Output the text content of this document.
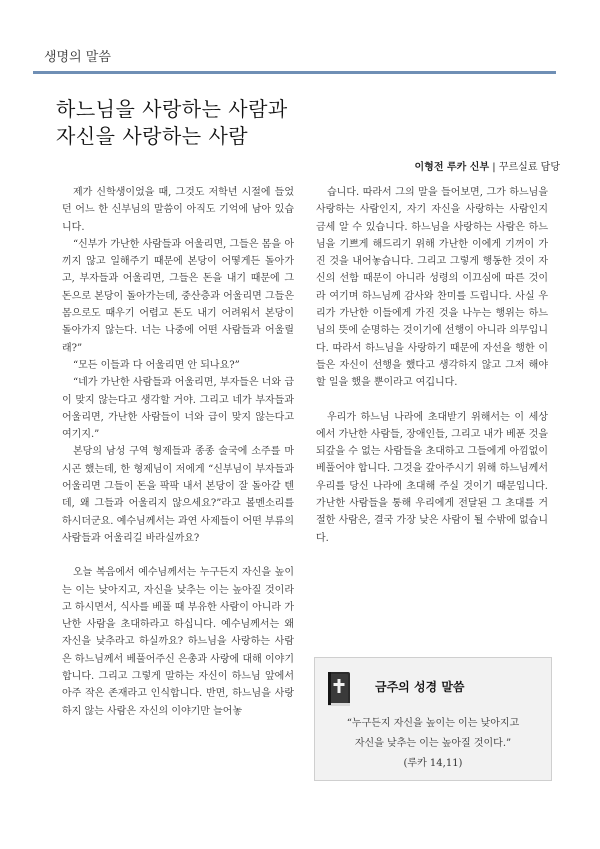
생명의 말씀
하느님을 사랑하는 사람과
자신을 사랑하는 사람
이형전 루카 신부 | 꾸르실료 담당

제가 신학생이었을 때, 그것도 저학년 시절에 들었던 어느 한 신부님의 말씀이 아직도 기억에 남아 있습니다.

“신부가 가난한 사람들과 어울리면, 그들은 몸을 아끼지 않고 일해주기 때문에 본당이 어떻게든 돌아가고, 부자들과 어울리면, 그들은 돈을 내기 때문에 그 돈으로 본당이 돌아가는데, 중산층과 어울리면 그들은 몸으로도 때우기 어렵고 돈도 내기 어려워서 본당이 돌아가지 않는다. 너는 나중에 어떤 사람들과 어울릴래?”

“모든 이들과 다 어울리면 안 되나요?”

“네가 가난한 사람들과 어울리면, 부자들은 너와 급이 맞지 않는다고 생각할 거야. 그리고 네가 부자들과 어울리면, 가난한 사람들이 너와 급이 맞지 않는다고 여기지.”

본당의 남성 구역 형제들과 종종 술국에 소주를 마시곤 했는데, 한 형제님이 저에게 “신부님이 부자들과 어울리면 그들이 돈을 팍팍 내서 본당이 잘 돌아갈 텐데, 왜 그들과 어울리지 않으세요?”라고 볼멘소리를 하시더군요. 예수님께서는 과연 사제들이 어떤 부류의 사람들과 어울리길 바라실까요?

오늘 복음에서 예수님께서는 누구든지 자신을 높이는 이는 낮아지고, 자신을 낮추는 이는 높아질 것이라고 하시면서, 식사를 베풀 때 부유한 사람이 아니라 가난한 사람을 초대하라고 하십니다. 예수님께서는 왜 자신을 낮추라고 하실까요? 하느님을 사랑하는 사람은 하느님께서 베풀어주신 은총과 사랑에 대해 이야기합니다. 그리고 그렇게 말하는 자신이 하느님 앞에서 아주 작은 존재라고 인식합니다. 반면, 하느님을 사랑하지 않는 사람은 자신의 이야기만 늘어놓

습니다. 따라서 그의 말을 들어보면, 그가 하느님을 사랑하는 사람인지, 자기 자신을 사랑하는 사람인지 금세 알 수 있습니다. 하느님을 사랑하는 사람은 하느님을 기쁘게 해드리기 위해 가난한 이에게 기꺼이 가진 것을 내어놓습니다. 그리고 그렇게 행동한 것이 자신의 선함 때문이 아니라 성령의 이끄심에 따른 것이라 여기며 하느님께 감사와 찬미를 드립니다. 사실 우리가 가난한 이들에게 가진 것을 나누는 행위는 하느님의 뜻에 순명하는 것이기에 선행이 아니라 의무입니다. 따라서 하느님을 사랑하기 때문에 자선을 행한 이들은 자신이 선행을 했다고 생각하지 않고 그저 해야 할 일을 했을 뿐이라고 여깁니다.

우리가 하느님 나라에 초대받기 위해서는 이 세상에서 가난한 사람들, 장애인들, 그리고 내가 베푼 것을 되갚을 수 없는 사람들을 초대하고 그들에게 아낌없이 베풀어야 합니다. 그것을 갚아주시기 위해 하느님께서 우리를 당신 나라에 초대해 주실 것이기 때문입니다. 가난한 사람들을 통해 우리에게 전달된 그 초대를 거절한 사람은, 결국 가장 낮은 사람이 될 수밖에 없습니다.

금주의 성경 말씀
“누구든지 자신을 높이는 이는 낮아지고
자신을 낮추는 이는 높아질 것이다.”
(루카 14,11)
